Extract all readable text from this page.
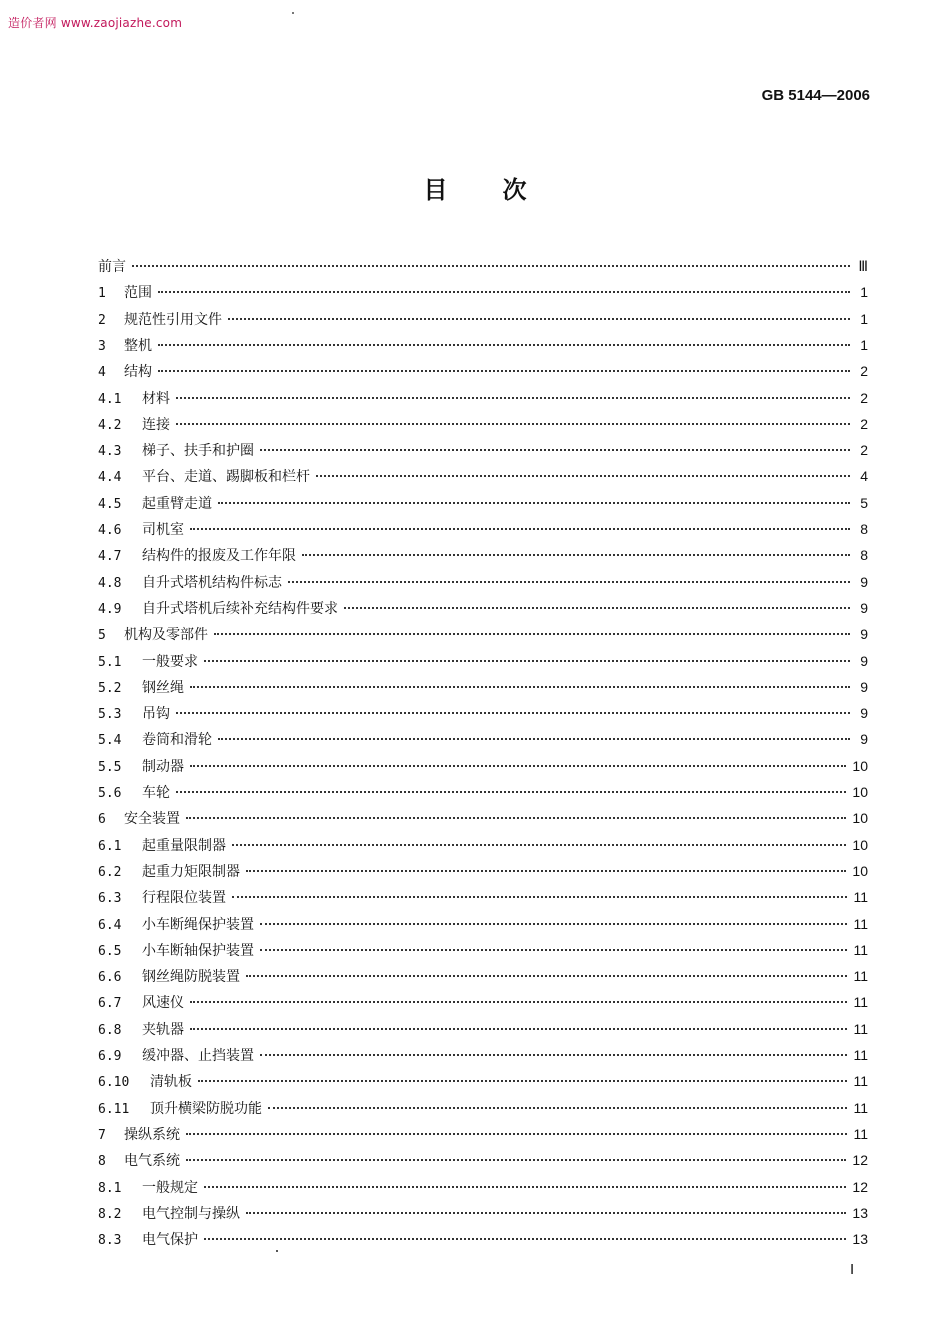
造价者网 www.zaojiazhe.com
GB 5144—2006
目次
前言	Ⅲ
1	范围	1
2	规范性引用文件	1
3	整机	1
4	结构	2
4.1	材料	2
4.2	连接	2
4.3	梯子、扶手和护圈	2
4.4	平台、走道、踢脚板和栏杆	4
4.5	起重臂走道	5
4.6	司机室	8
4.7	结构件的报废及工作年限	8
4.8	自升式塔机结构件标志	9
4.9	自升式塔机后续补充结构件要求	9
5	机构及零部件	9
5.1	一般要求	9
5.2	钢丝绳	9
5.3	吊钩	9
5.4	卷筒和滑轮	9
5.5	制动器	10
5.6	车轮	10
6	安全装置	10
6.1	起重量限制器	10
6.2	起重力矩限制器	10
6.3	行程限位装置	11
6.4	小车断绳保护装置	11
6.5	小车断轴保护装置	11
6.6	钢丝绳防脱装置	11
6.7	风速仪	11
6.8	夹轨器	11
6.9	缓冲器、止挡装置	11
6.10	清轨板	11
6.11	顶升横梁防脱功能	11
7	操纵系统	11
8	电气系统	12
8.1	一般规定	12
8.2	电气控制与操纵	13
8.3	电气保护	13
Ⅰ
